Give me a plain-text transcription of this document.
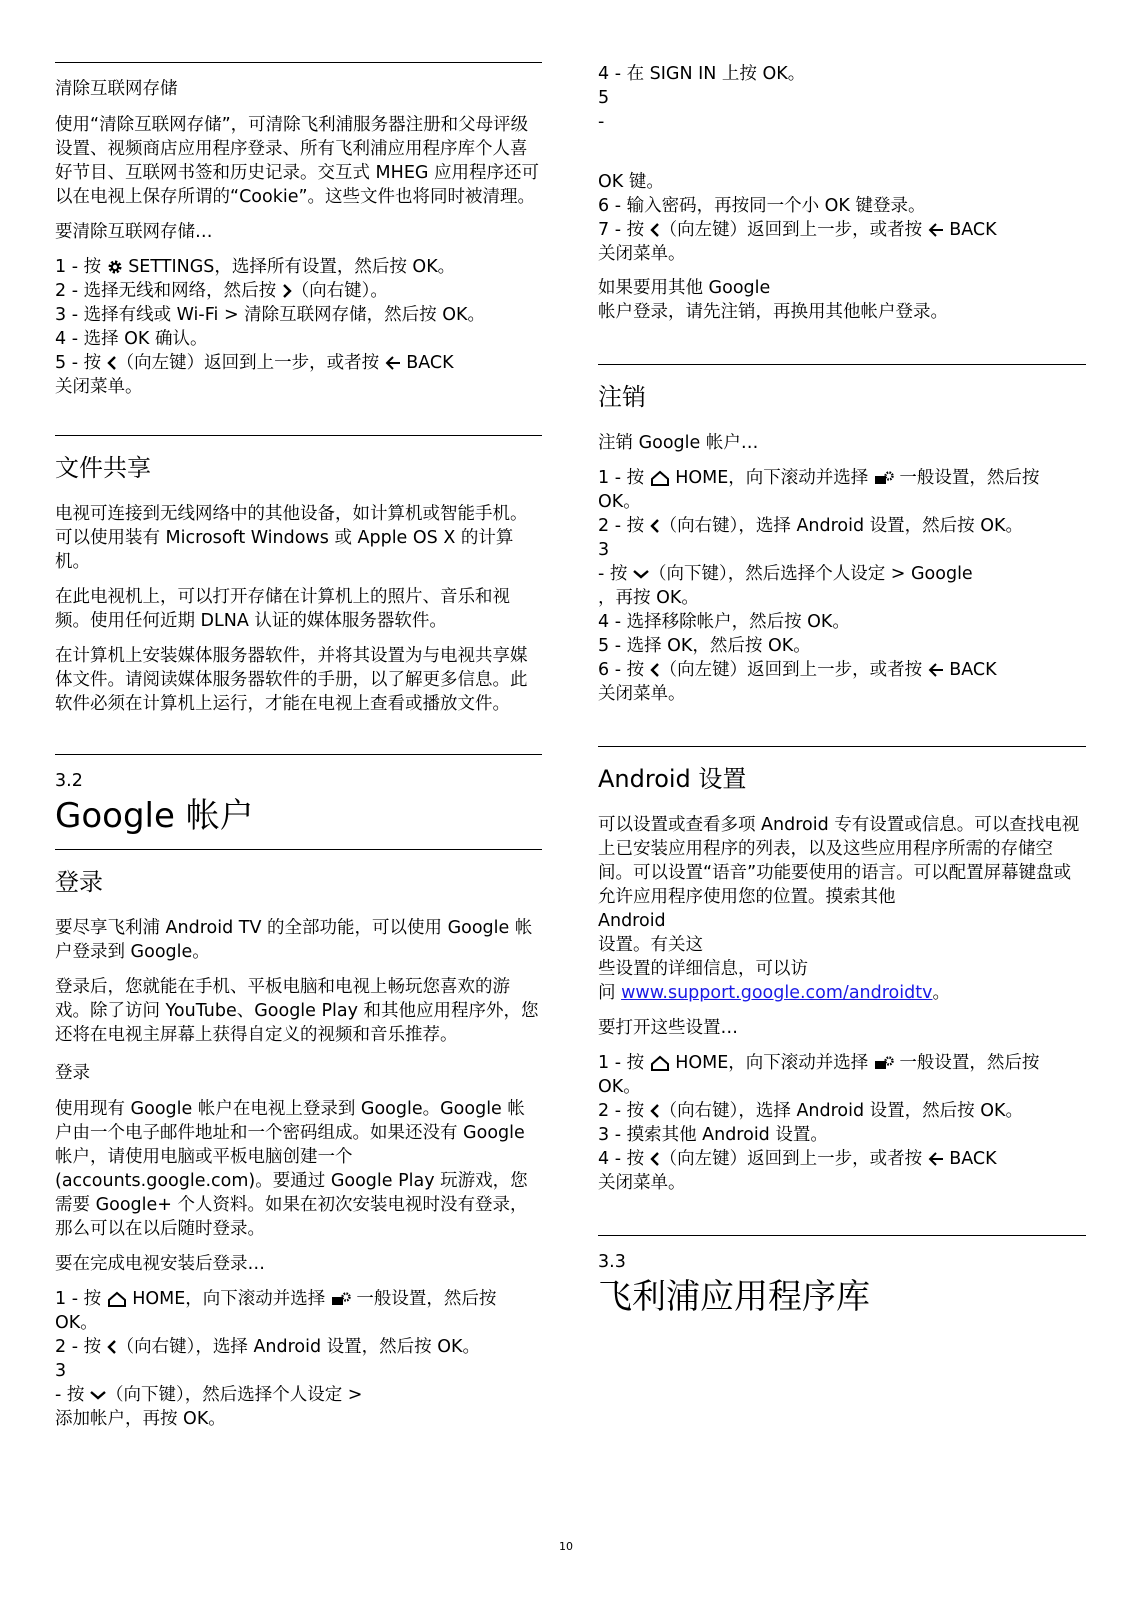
清除互联网存储

使用“清除互联网存储”，可清除飞利浦服务器注册和父母评级设置、视频商店应用程序登录、所有飞利浦应用程序库个人喜好节目、互联网书签和历史记录。交互式 MHEG 应用程序还可以在电视上保存所谓的“Cookie”。这些文件也将同时被清理。

要清除互联网存储…

1 - 按
SETTINGS，选择所有设置，然后按 OK。
2 - 选择无线和网络，然后按
（向右键）。
3 - 选择有线或 Wi-Fi > 清除互联网存储，然后按 OK。
4 - 选择 OK 确认。
5 - 按
（向左键）返回到上一步，或者按
BACK
关闭菜单。
文件共享

电视可连接到无线网络中的其他设备，如计算机或智能手机。可以使用装有 Microsoft Windows 或 Apple OS X 的计算机。

在此电视机上，可以打开存储在计算机上的照片、音乐和视频。使用任何近期 DLNA 认证的媒体服务器软件。

在计算机上安装媒体服务器软件，并将其设置为与电视共享媒体文件。请阅读媒体服务器软件的手册，以了解更多信息。此软件必须在计算机上运行，才能在电视上查看或播放文件。

3.2
Google 帐户
登录

要尽享飞利浦 Android TV 的全部功能，可以使用 Google 帐户登录到 Google。

登录后，您就能在手机、平板电脑和电视上畅玩您喜欢的游戏。除了访问 YouTube、Google Play 和其他应用程序外，您还将在电视主屏幕上获得自定义的视频和音乐推荐。

登录

使用现有 Google 帐户在电视上登录到 Google。Google 帐户由一个电子邮件地址和一个密码组成。如果还没有 Google 帐户，请使用电脑或平板电脑创建一个 (accounts.google.com)。要通过 Google Play 玩游戏，您需要 Google+ 个人资料。如果在初次安装电视时没有登录，那么可以在以后随时登录。

要在完成电视安装后登录…

1 - 按
HOME，向下滚动并选择
一般设置，然后按 OK。
2 - 按
（向右键），选择 Android 设置，然后按 OK。
3
- 按
（向下键），然后选择个人设定 >
添加帐户，再按 OK。
4 - 在 SIGN IN 上按 OK。
5
-
OK 键。
6 - 输入密码，再按同一个小 OK 键登录。
7 - 按
（向左键）返回到上一步，或者按
BACK
关闭菜单。
如果要用其他 Google
帐户登录，请先注销，再换用其他帐户登录。
注销

注销 Google 帐户…

1 - 按
HOME，向下滚动并选择
一般设置，然后按 OK。
2 - 按
（向右键），选择 Android 设置，然后按 OK。
3
- 按
（向下键），然后选择个人设定 > Google
，再按 OK。
4 - 选择移除帐户，然后按 OK。
5 - 选择 OK，然后按 OK。
6 - 按
（向左键）返回到上一步，或者按
BACK
关闭菜单。
Android 设置
可以设置或查看多项 Android 专有设置或信息。可以查找电视上已安装应用程序的列表，以及这些应用程序所需的存储空间。可以设置“语音”功能要使用的语言。可以配置屏幕键盘或允许应用程序使用您的位置。摸索其他
Android
设置。有关这
些设置的详细信息，可以访
问 www.support.google.com/androidtv。

要打开这些设置…

1 - 按
HOME，向下滚动并选择
一般设置，然后按 OK。
2 - 按
（向右键），选择 Android 设置，然后按 OK。
3 - 摸索其他 Android 设置。
4 - 按
（向左键）返回到上一步，或者按
BACK
关闭菜单。
3.3
飞利浦应用程序库
10
